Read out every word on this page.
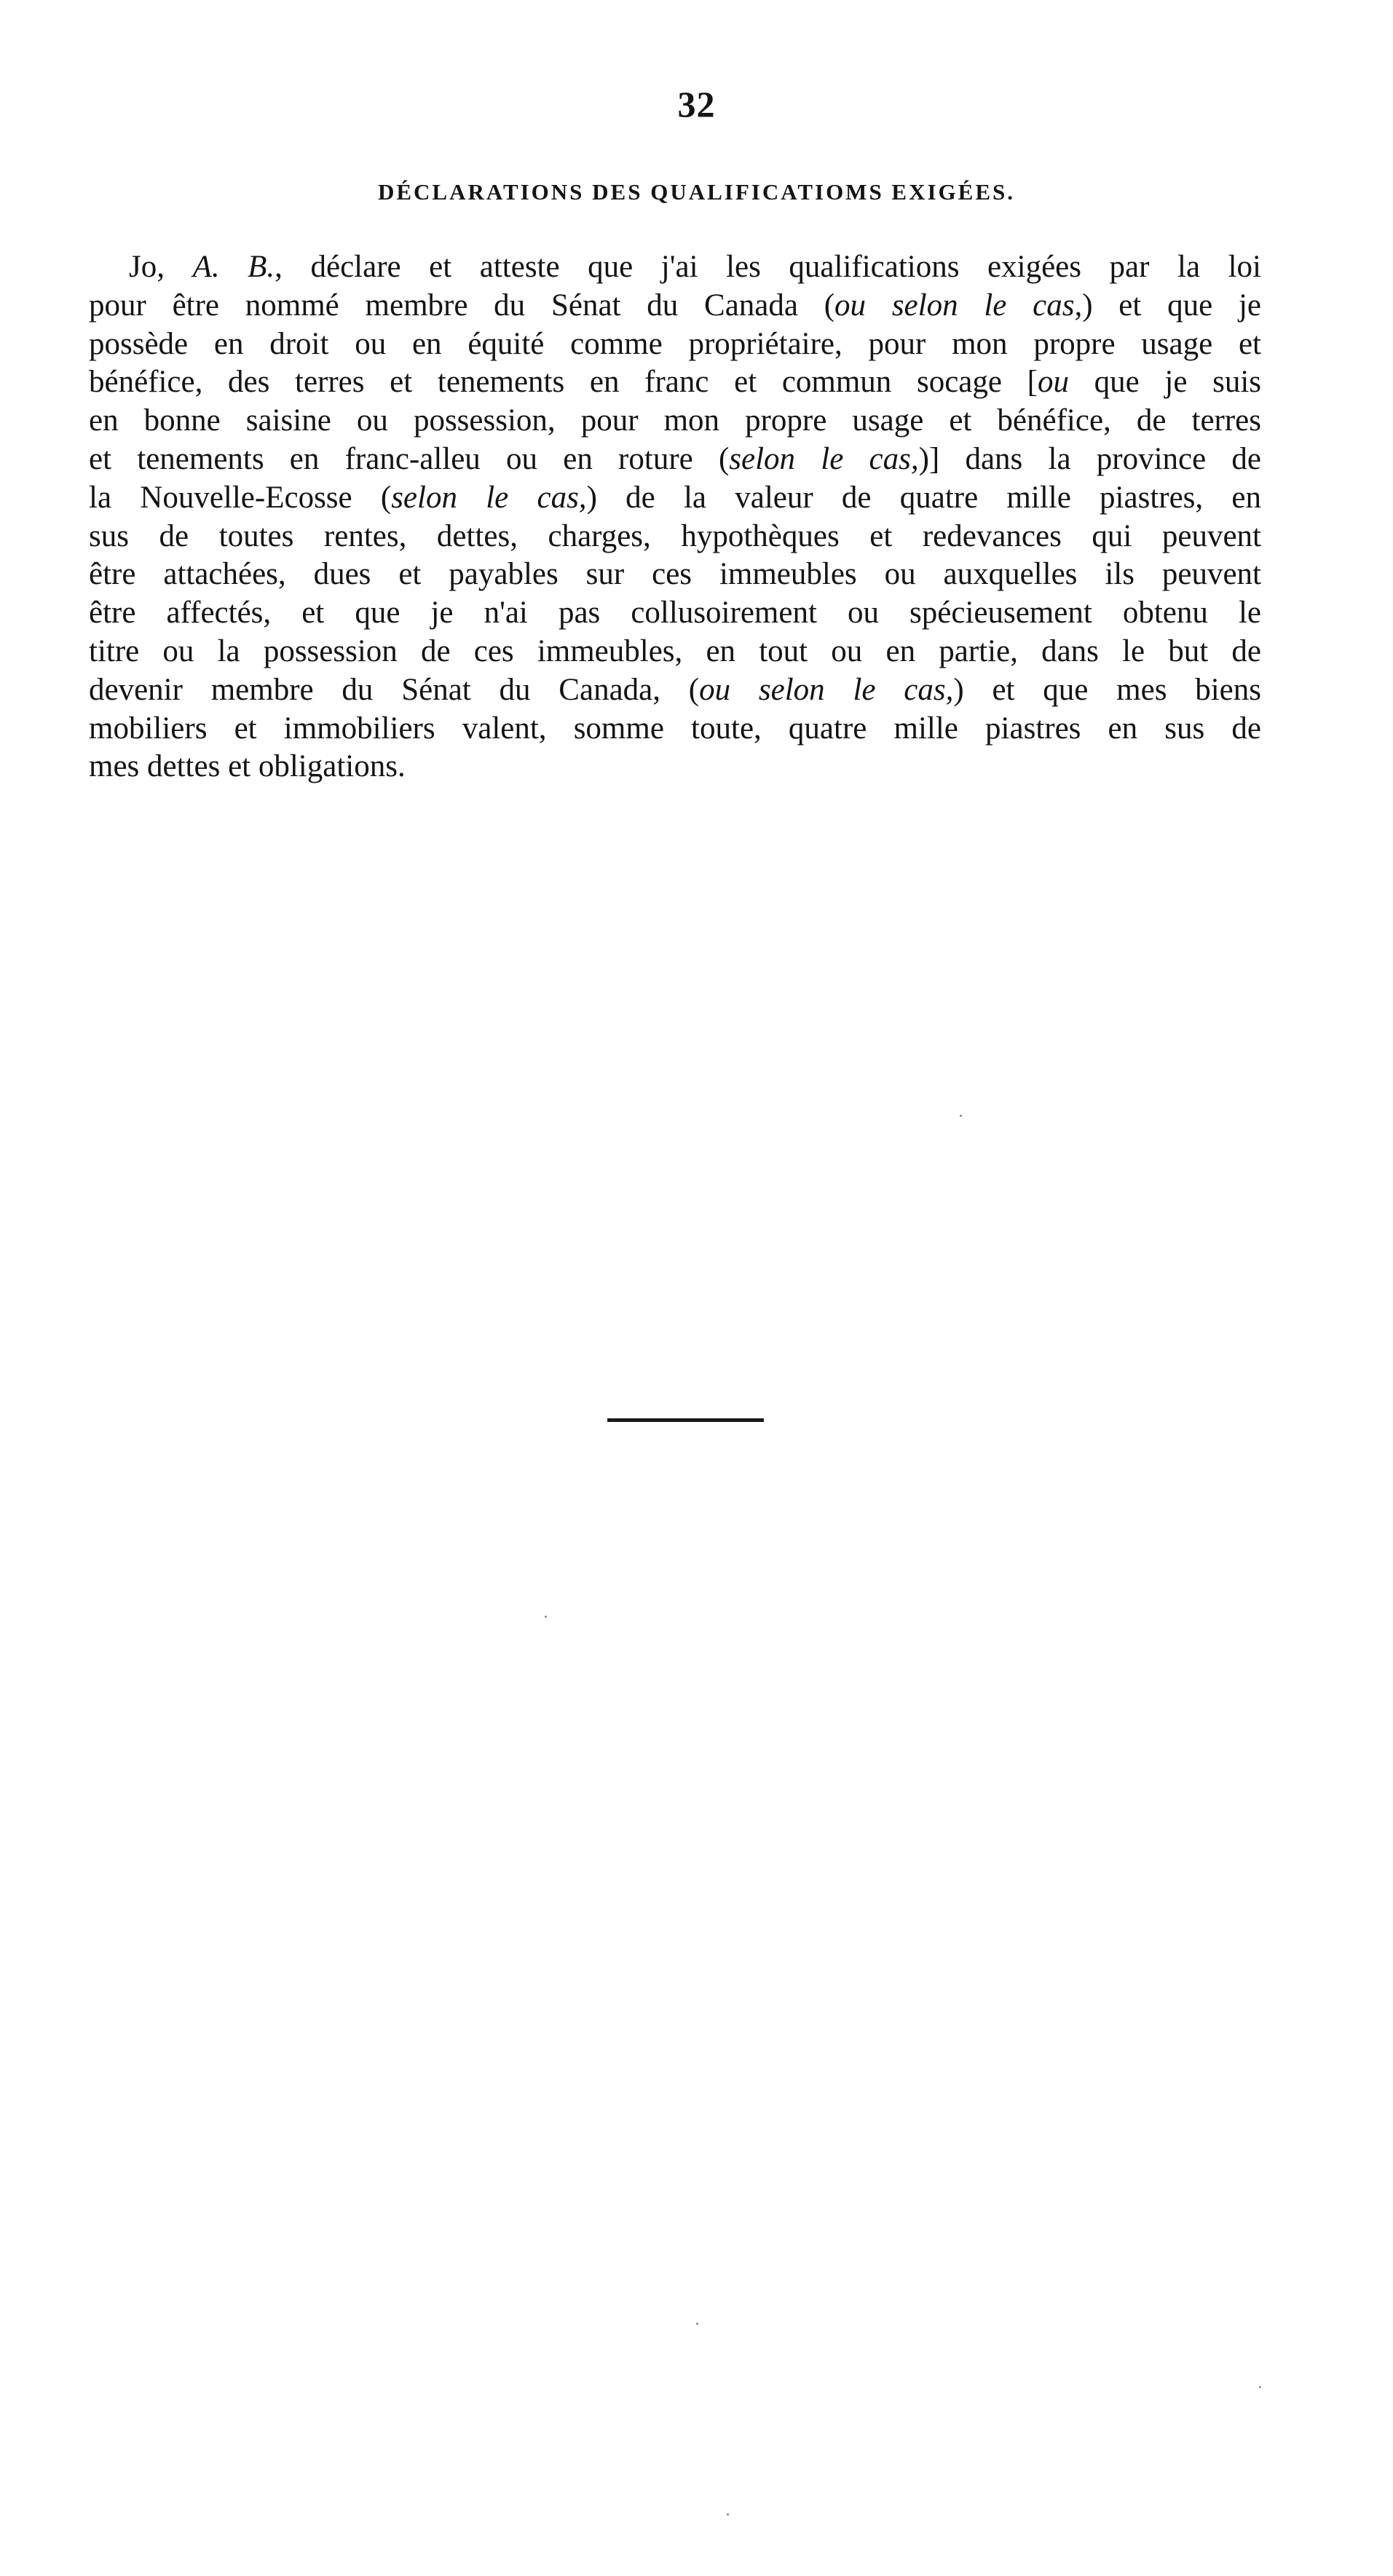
32
DÉCLARATIONS DES QUALIFICATIOMS EXIGÉES.
Jo, A. B., déclare et atteste que j'ai les qualifications exigées par la loi
pour être nommé membre du Sénat du Canada (ou selon le cas,) et que je
possède en droit ou en équité comme propriétaire, pour mon propre usage et
bénéfice, des terres et tenements en franc et commun socage [ou que je suis
en bonne saisine ou possession, pour mon propre usage et bénéfice, de terres
et tenements en franc-alleu ou en roture (selon le cas,)] dans la province de
la Nouvelle-Ecosse (selon le cas,) de la valeur de quatre mille piastres, en
sus de toutes rentes, dettes, charges, hypothèques et redevances qui peuvent
être attachées, dues et payables sur ces immeubles ou auxquelles ils peuvent
être affectés, et que je n'ai pas collusoirement ou spécieusement obtenu le
titre ou la possession de ces immeubles, en tout ou en partie, dans le but de
devenir membre du Sénat du Canada, (ou selon le cas,) et que mes biens
mobiliers et immobiliers valent, somme toute, quatre mille piastres en sus de
mes dettes et obligations.
